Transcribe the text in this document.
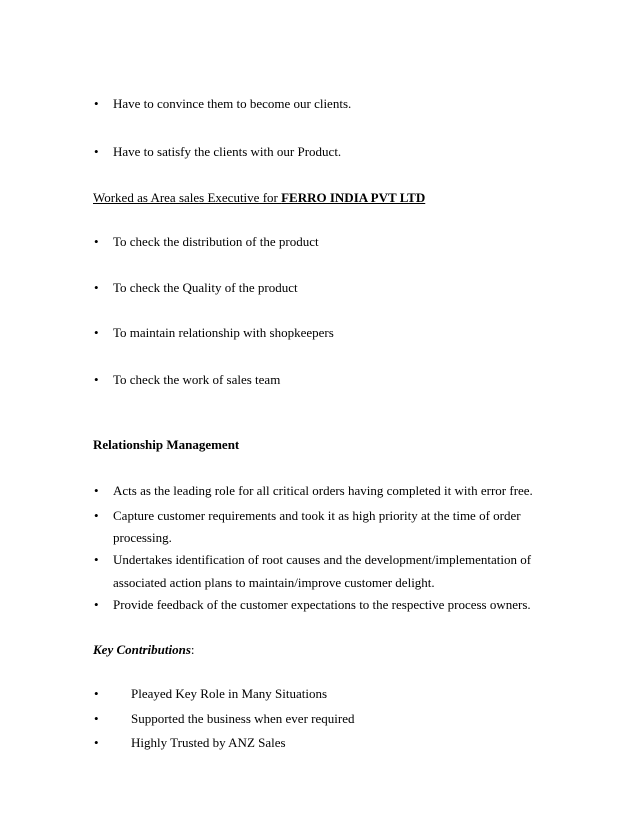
• Have to convince them to become our clients.
• Have to satisfy the clients with our Product.
Worked as Area sales Executive for FERRO INDIA PVT LTD
• To check the distribution of the product
• To check the Quality of the product
• To maintain relationship with shopkeepers
• To check the work of sales team
Relationship Management
• Acts as the leading role for all critical orders having completed it with error free.
• Capture customer requirements and took it as high priority at the time of order
processing.
• Undertakes identification of root causes and the development/implementation of
associated action plans to maintain/improve customer delight.
• Provide feedback of the customer expectations to the respective process owners.
Key Contributions:
• Pleayed Key Role in Many Situations
• Supported the business when ever required
• Highly Trusted by ANZ Sales
